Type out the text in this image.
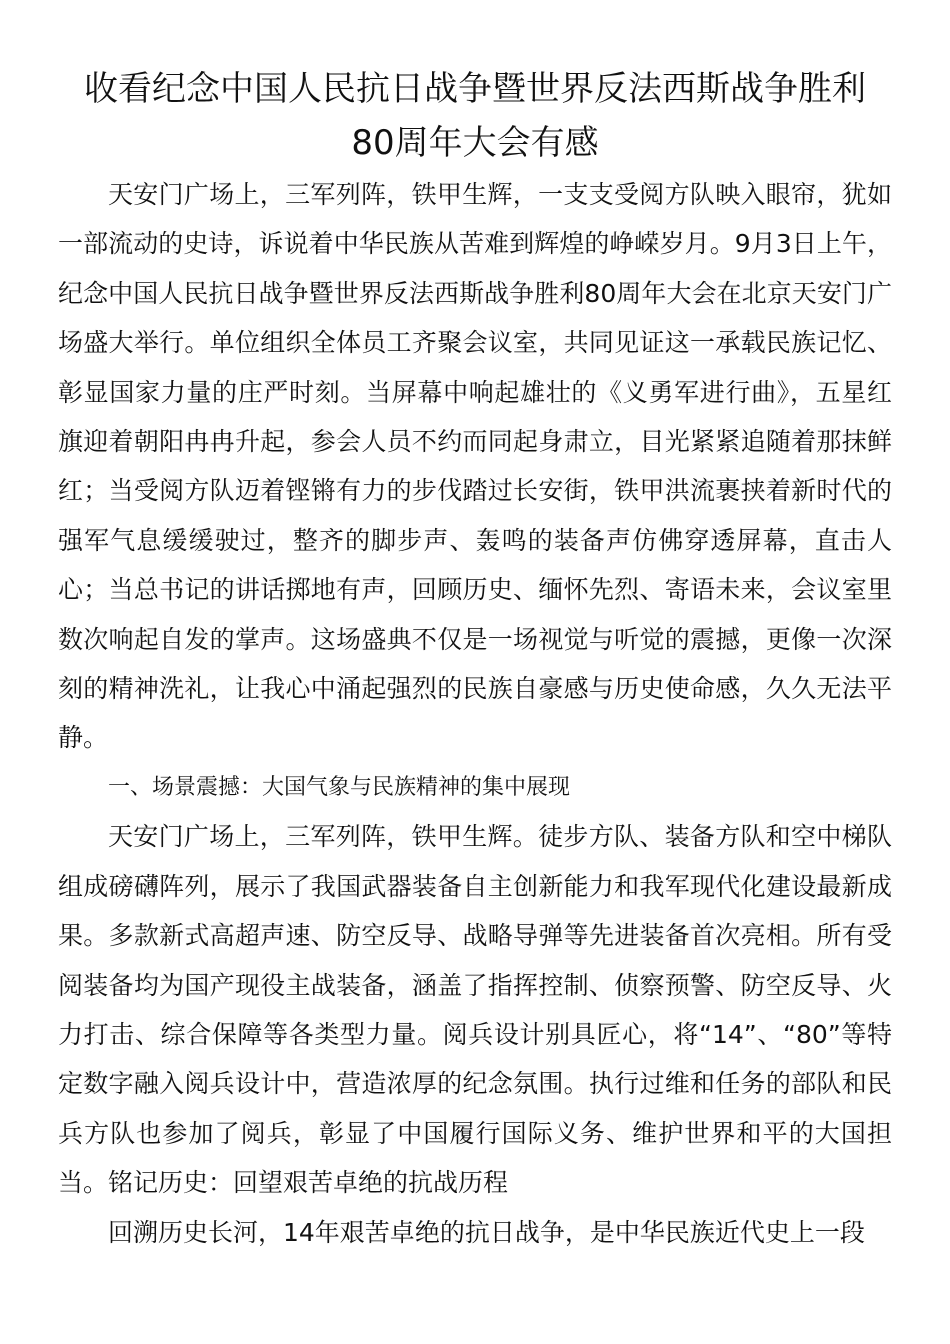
收看纪念中国人民抗日战争暨世界反法西斯战争胜利
80周年大会有感

天安门广场上，三军列阵，铁甲生辉，一支支受阅方队映入眼帘，犹如一部流动的史诗，诉说着中华民族从苦难到辉煌的峥嵘岁月。9月3日上午，纪念中国人民抗日战争暨世界反法西斯战争胜利80周年大会在北京天安门广场盛大举行。单位组织全体员工齐聚会议室，共同见证这一承载民族记忆、彰显国家力量的庄严时刻。当屏幕中响起雄壮的《义勇军进行曲》，五星红旗迎着朝阳冉冉升起，参会人员不约而同起身肃立，目光紧紧追随着那抹鲜红；当受阅方队迈着铿锵有力的步伐踏过长安街，铁甲洪流裹挟着新时代的强军气息缓缓驶过，整齐的脚步声、轰鸣的装备声仿佛穿透屏幕，直击人心；当总书记的讲话掷地有声，回顾历史、缅怀先烈、寄语未来，会议室里数次响起自发的掌声。这场盛典不仅是一场视觉与听觉的震撼，更像一次深刻的精神洗礼，让我心中涌起强烈的民族自豪感与历史使命感，久久无法平静。

一、场景震撼：大国气象与民族精神的集中展现

天安门广场上，三军列阵，铁甲生辉。徒步方队、装备方队和空中梯队组成磅礴阵列，展示了我国武器装备自主创新能力和我军现代化建设最新成果。多款新式高超声速、防空反导、战略导弹等先进装备首次亮相。所有受阅装备均为国产现役主战装备，涵盖了指挥控制、侦察预警、防空反导、火力打击、综合保障等各类型力量。阅兵设计别具匠心，将“14”、“80”等特定数字融入阅兵设计中，营造浓厚的纪念氛围。执行过维和任务的部队和民兵方队也参加了阅兵，彰显了中国履行国际义务、维护世界和平的大国担当。铭记历史：回望艰苦卓绝的抗战历程

回溯历史长河，14年艰苦卓绝的抗日战争，是中华民族近代史上一段
